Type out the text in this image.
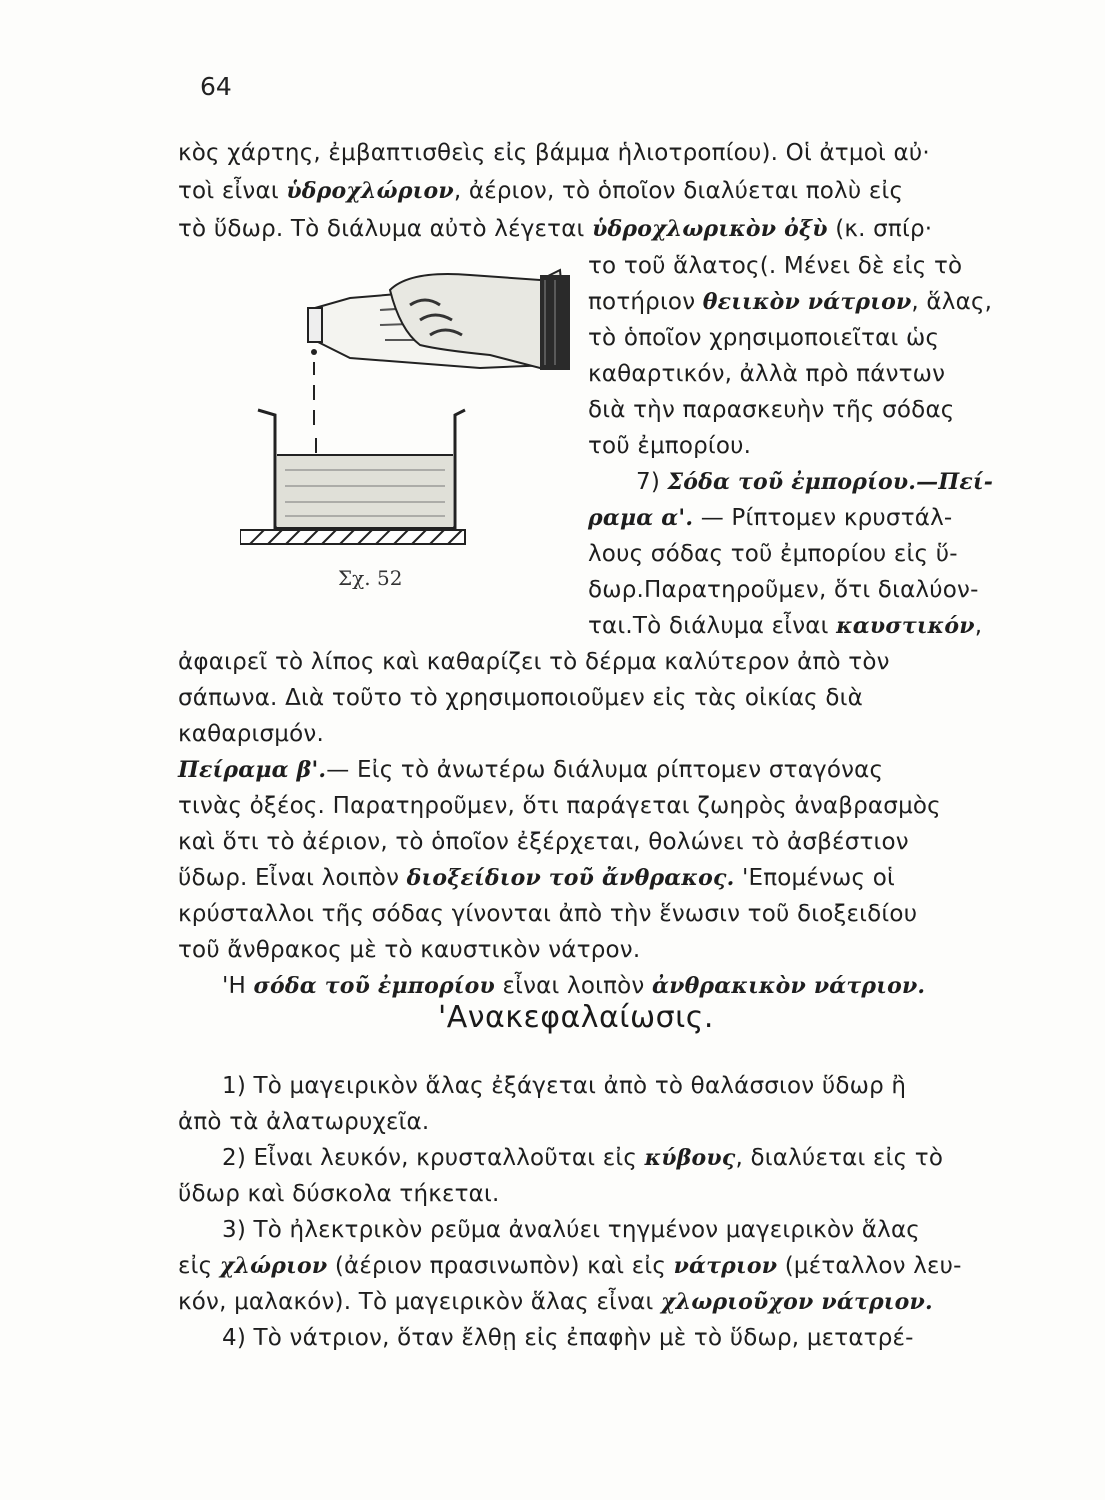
64
κὸς χάρτης, ἐμβαπτισθεὶς εἰς βάμμα ἡλιοτροπίου). Οἱ ἀτμοὶ αὐ·
τοὶ εἶναι ὑδροχλώριον, ἀέριον, τὸ ὁποῖον διαλύεται πολὺ εἰς
τὸ ὕδωρ. Τὸ διάλυμα αὐτὸ λέγεται ὑδροχλωρικὸν ὀξὺ (κ. σπίρ·
Σχ. 52
το τοῦ ἅλατος(. Μένει δὲ εἰς τὸ
ποτήριον θειικὸν νάτριον, ἅλας,
τὸ ὁποῖον χρησιμοποιεῖται ὡς
καθαρτικόν, ἀλλὰ πρὸ πάντων
διὰ τὴν παρασκευὴν τῆς σόδας
τοῦ ἐμπορίου.
7) Σόδα τοῦ ἐμπορίου.—Πεί-
ραμα α'. — Ρίπτομεν κρυστάλ-
λους σόδας τοῦ ἐμπορίου εἰς ὕ-
δωρ.Παρατηροῦμεν, ὅτι διαλύον-
ται.Τὸ διάλυμα εἶναι καυστικόν,
ἀφαιρεῖ τὸ λίπος καὶ καθαρίζει τὸ δέρμα καλύτερον ἀπὸ τὸν
σάπωνα. Διὰ τοῦτο τὸ χρησιμοποιοῦμεν εἰς τὰς οἰκίας διὰ
καθαρισμόν.
Πείραμα β'.— Εἰς τὸ ἀνωτέρω διάλυμα ρίπτομεν σταγόνας
τινὰς ὀξέος. Παρατηροῦμεν, ὅτι παράγεται ζωηρὸς ἀναβρασμὸς
καὶ ὅτι τὸ ἀέριον, τὸ ὁποῖον ἐξέρχεται, θολώνει τὸ ἀσβέστιον
ὕδωρ. Εἶναι λοιπὸν διοξείδιον τοῦ ἄνθρακος. 'Επομένως οἱ
κρύσταλλοι τῆς σόδας γίνονται ἀπὸ τὴν ἕνωσιν τοῦ διοξειδίου
τοῦ ἄνθρακος μὲ τὸ καυστικὸν νάτρον.
'Η σόδα τοῦ ἐμπορίου εἶναι λοιπὸν ἀνθρακικὸν νάτριον.
'Ανακεφαλαίωσις.
1) Τὸ μαγειρικὸν ἅλας ἐξάγεται ἀπὸ τὸ θαλάσσιον ὕδωρ ἢ
ἀπὸ τὰ ἀλατωρυχεῖα.
2) Εἶναι λευκόν, κρυσταλλοῦται εἰς κύβους, διαλύεται εἰς τὸ
ὕδωρ καὶ δύσκολα τήκεται.
3) Τὸ ἠλεκτρικὸν ρεῦμα ἀναλύει τηγμένον μαγειρικὸν ἅλας
εἰς χλώριον (ἀέριον πρασινωπὸν) καὶ εἰς νάτριον (μέταλλον λευ-
κόν, μαλακόν). Τὸ μαγειρικὸν ἅλας εἶναι χλωριοῦχον νάτριον.
4) Τὸ νάτριον, ὅταν ἔλθῃ εἰς ἐπαφὴν μὲ τὸ ὕδωρ, μετατρέ-
